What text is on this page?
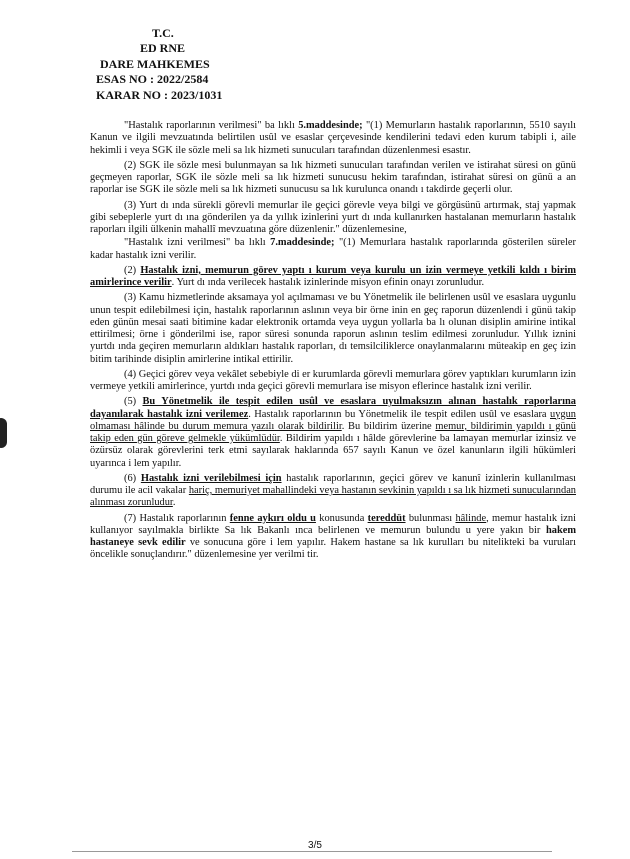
T.C.
ED RNE
DARE MAHKEMES
ESAS NO : 2022/2584
KARAR NO : 2023/1031

"Hastalık raporlarının verilmesi" ba lıklı 5.maddesinde; "(1) Memurların hastalık raporlarının, 5510 sayılı Kanun ve ilgili mevzuatında belirtilen usûl ve esaslar çerçevesinde kendilerini tedavi eden kurum tabipli i, aile hekimli i veya SGK ile sözle meli sa lık hizmeti sunucuları tarafından düzenlenmesi esastır.

(2) SGK ile sözle mesi bulunmayan sa lık hizmeti sunucuları tarafından verilen ve istirahat süresi on günü geçmeyen raporlar, SGK ile sözle meli sa lık hizmeti sunucusu hekim tarafından, istirahat süresi on günü a an raporlar ise SGK ile sözle meli sa lık hizmeti sunucusu sa lık kurulunca onandı ı takdirde geçerli olur.

(3) Yurt dı ında sürekli görevli memurlar ile geçici görevle veya bilgi ve görgüsünü artırmak, staj yapmak gibi sebeplerle yurt dı ına gönderilen ya da yıllık izinlerini yurt dı ında kullanırken hastalanan memurların hastalık raporları ilgili ülkenin mahallî mevzuatına göre düzenlenir." düzenlemesine,

"Hastalık izni verilmesi" ba lıklı 7.maddesinde; "(1) Memurlara hastalık raporlarında gösterilen süreler kadar hastalık izni verilir.

(2) Hastalık izni, memurun görev yaptı ı kurum veya kurulu un izin vermeye yetkili kıldı ı birim amirlerince verilir. Yurt dı ında verilecek hastalık izinlerinde misyon efinin onayı zorunludur.

(3) Kamu hizmetlerinde aksamaya yol açılmaması ve bu Yönetmelik ile belirlenen usûl ve esaslara uygunlu unun tespit edilebilmesi için, hastalık raporlarının aslının veya bir örne inin en geç raporun düzenlendi i günü takip eden günün mesai saati bitimine kadar elektronik ortamda veya uygun yollarla ba lı olunan disiplin amirine intikal ettirilmesi; örne i gönderilmi ise, rapor süresi sonunda raporun aslının teslim edilmesi zorunludur. Yıllık iznini yurtdı ında geçiren memurların aldıkları hastalık raporları, dı temsilciliklerce onaylanmalarını müteakip en geç izin bitim tarihinde disiplin amirlerine intikal ettirilir.

(4) Geçici görev veya vekâlet sebebiyle di er kurumlarda görevli memurlara görev yaptıkları kurumların izin vermeye yetkili amirlerince, yurtdı ında geçici görevli memurlara ise misyon eflerince hastalık izni verilir.

(5) Bu Yönetmelik ile tespit edilen usûl ve esaslara uyulmaksızın alınan hastalık raporlarına dayanılarak hastalık izni verilemez. Hastalık raporlarının bu Yönetmelik ile tespit edilen usûl ve esaslara uygun olmaması hâlinde bu durum memura yazılı olarak bildirilir. Bu bildirim üzerine memur, bildirimin yapıldı ı günü takip eden gün göreve gelmekle yükümlüdür. Bildirim yapıldı ı hâlde görevlerine ba lamayan memurlar izinsiz ve özürsüz olarak görevlerini terk etmi sayılarak haklarında 657 sayılı Kanun ve özel kanunların ilgili hükümleri uyarınca i lem yapılır.

(6) Hastalık izni verilebilmesi için hastalık raporlarının, geçici görev ve kanunî izinlerin kullanılması durumu ile acil vakalar hariç, memuriyet mahallindeki veya hastanın sevkinin yapıldı ı sa lık hizmeti sunucularından alınması zorunludur.

(7) Hastalık raporlarının fenne aykırı oldu u konusunda tereddüt bulunması hâlinde, memur hastalık izni kullanıyor sayılmakla birlikte Sa lık Bakanlı ınca belirlenen ve memurun bulundu u yere yakın bir hakem hastaneye sevk edilir ve sonucuna göre i lem yapılır. Hakem hastane sa lık kurulları bu nitelikteki ba vuruları öncelikle sonuçlandırır." düzenlemesine yer verilmi tir.

3/5
